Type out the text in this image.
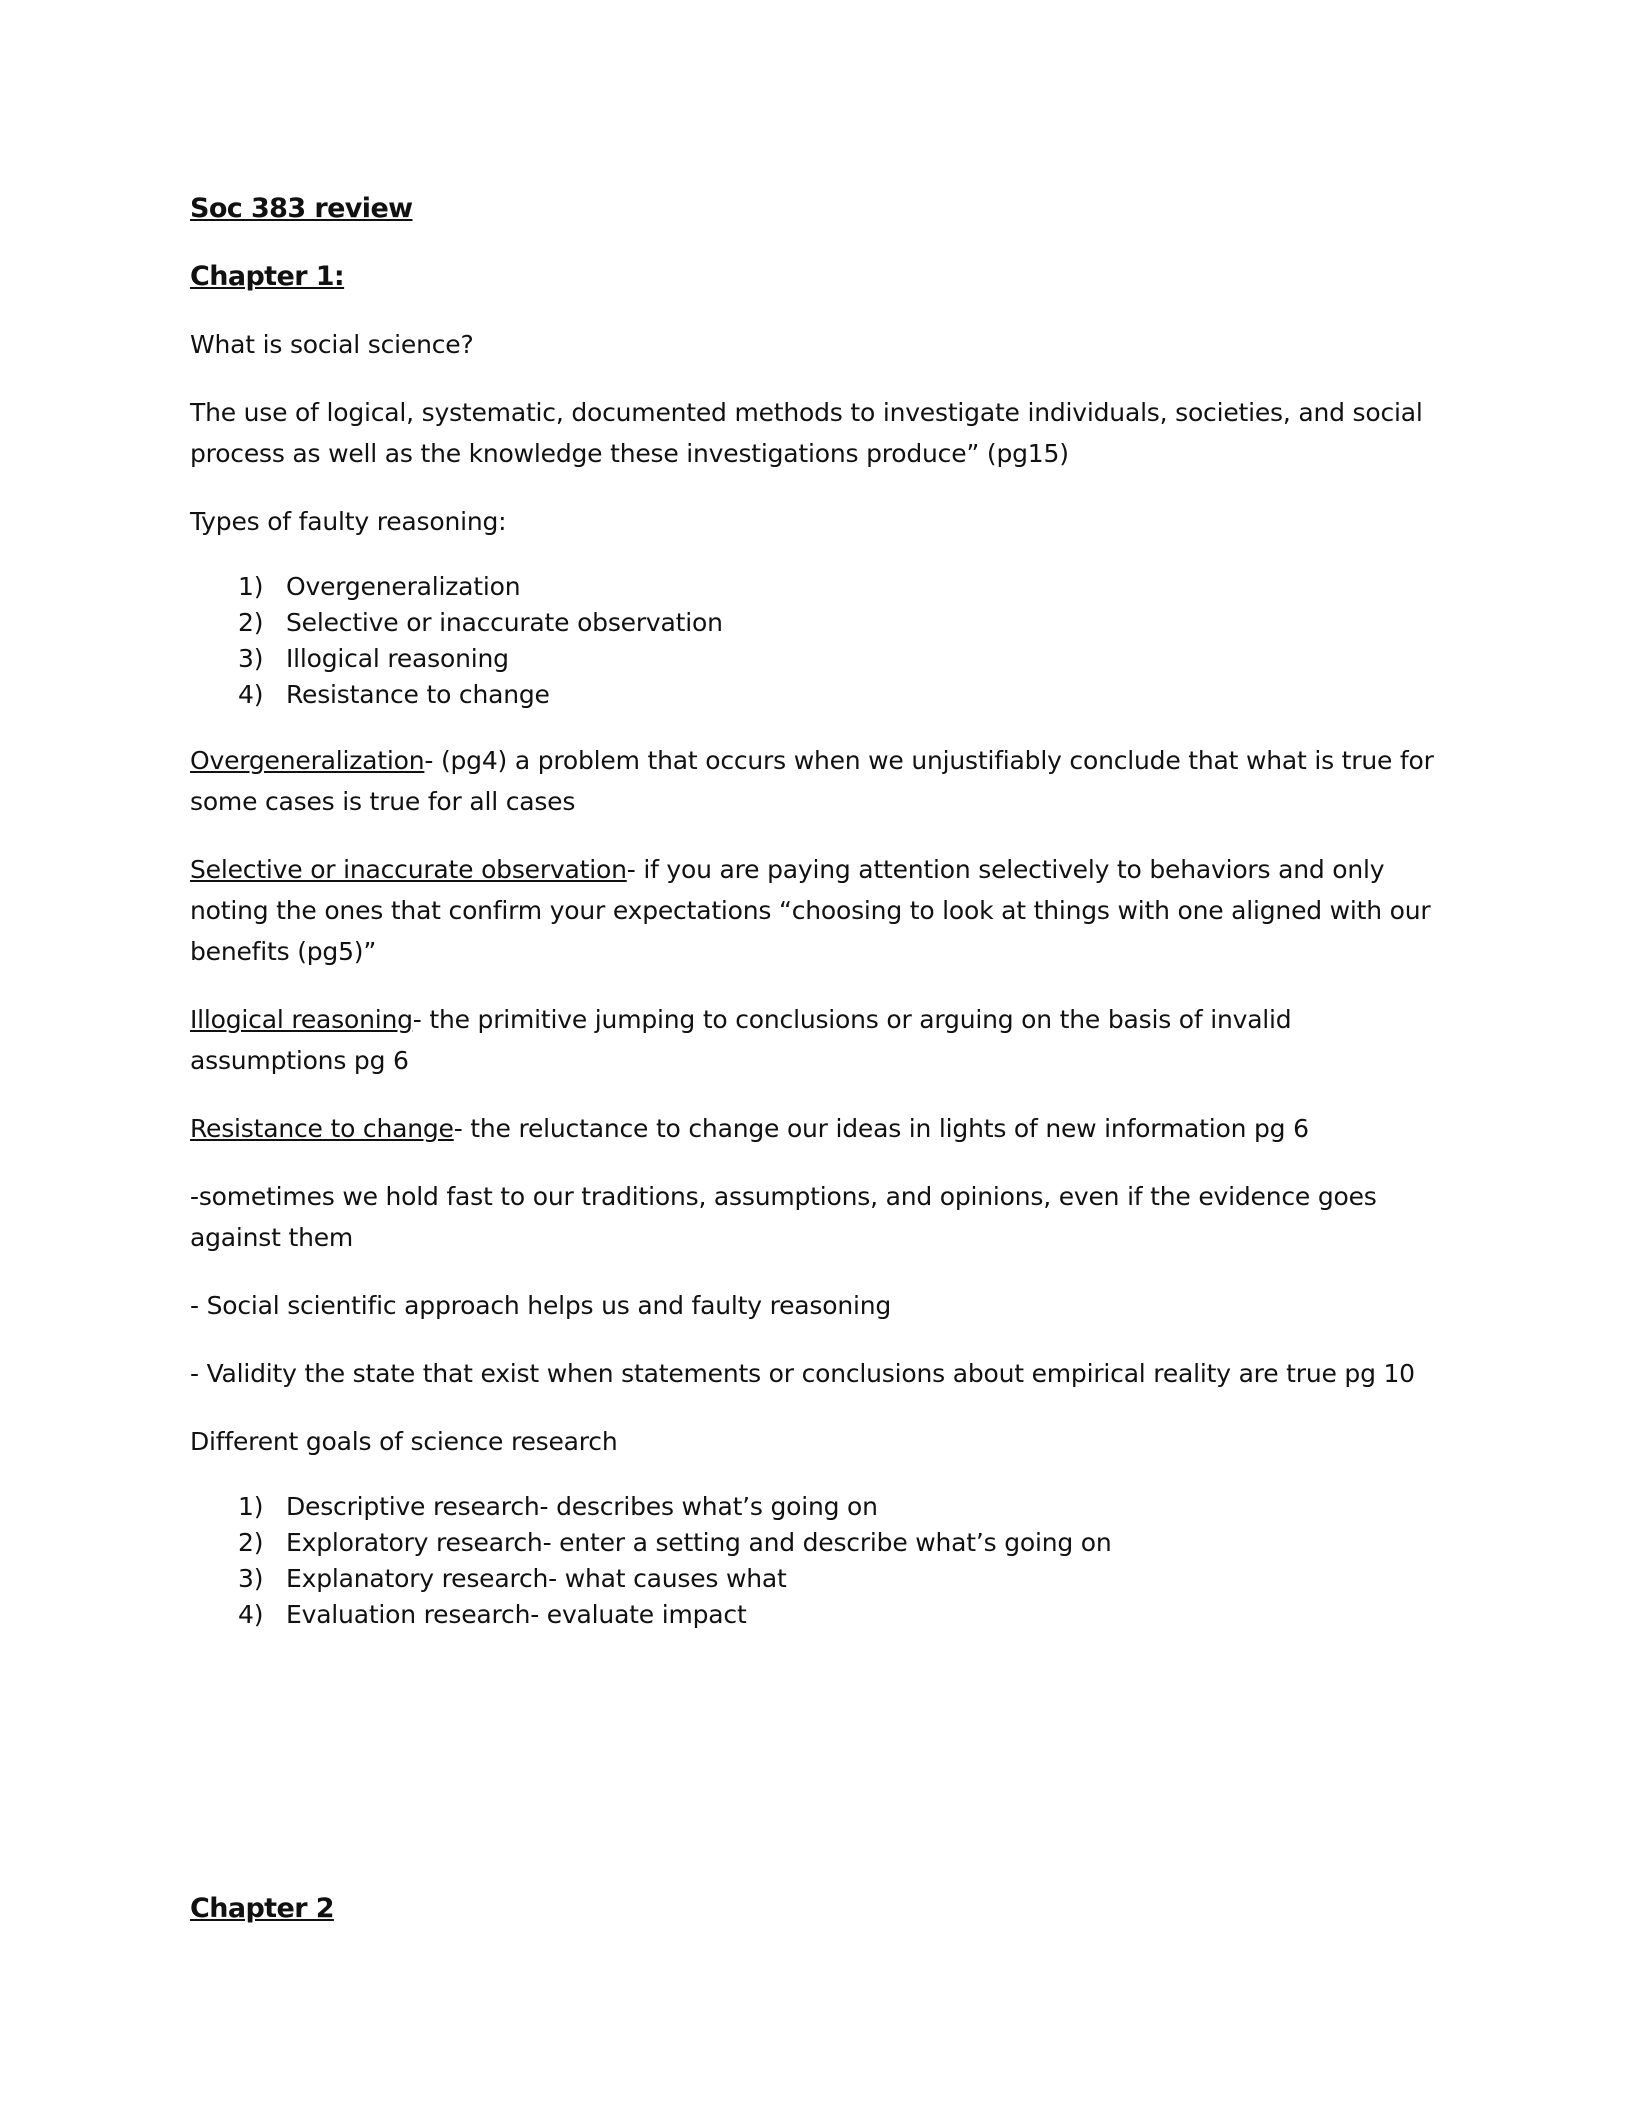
Soc 383 review
Chapter 1:

What is social science?

The use of logical, systematic, documented methods to investigate individuals, societies, and social process as well as the knowledge these investigations produce” (pg15)

Types of faulty reasoning:

1) Overgeneralization
2) Selective or inaccurate observation
3) Illogical reasoning
4) Resistance to change

Overgeneralization- (pg4) a problem that occurs when we unjustifiably conclude that what is true for some cases is true for all cases

Selective or inaccurate observation- if you are paying attention selectively to behaviors and only noting the ones that confirm your expectations “choosing to look at things with one aligned with our benefits (pg5)”

Illogical reasoning- the primitive jumping to conclusions or arguing on the basis of invalid assumptions pg 6

Resistance to change- the reluctance to change our ideas in lights of new information pg 6

-sometimes we hold fast to our traditions, assumptions, and opinions, even if the evidence goes against them

- Social scientific approach helps us and faulty reasoning

- Validity the state that exist when statements or conclusions about empirical reality are true pg 10

Different goals of science research

1) Descriptive research- describes what’s going on
2) Exploratory research- enter a setting and describe what’s going on
3) Explanatory research- what causes what
4) Evaluation research- evaluate impact
Chapter 2
